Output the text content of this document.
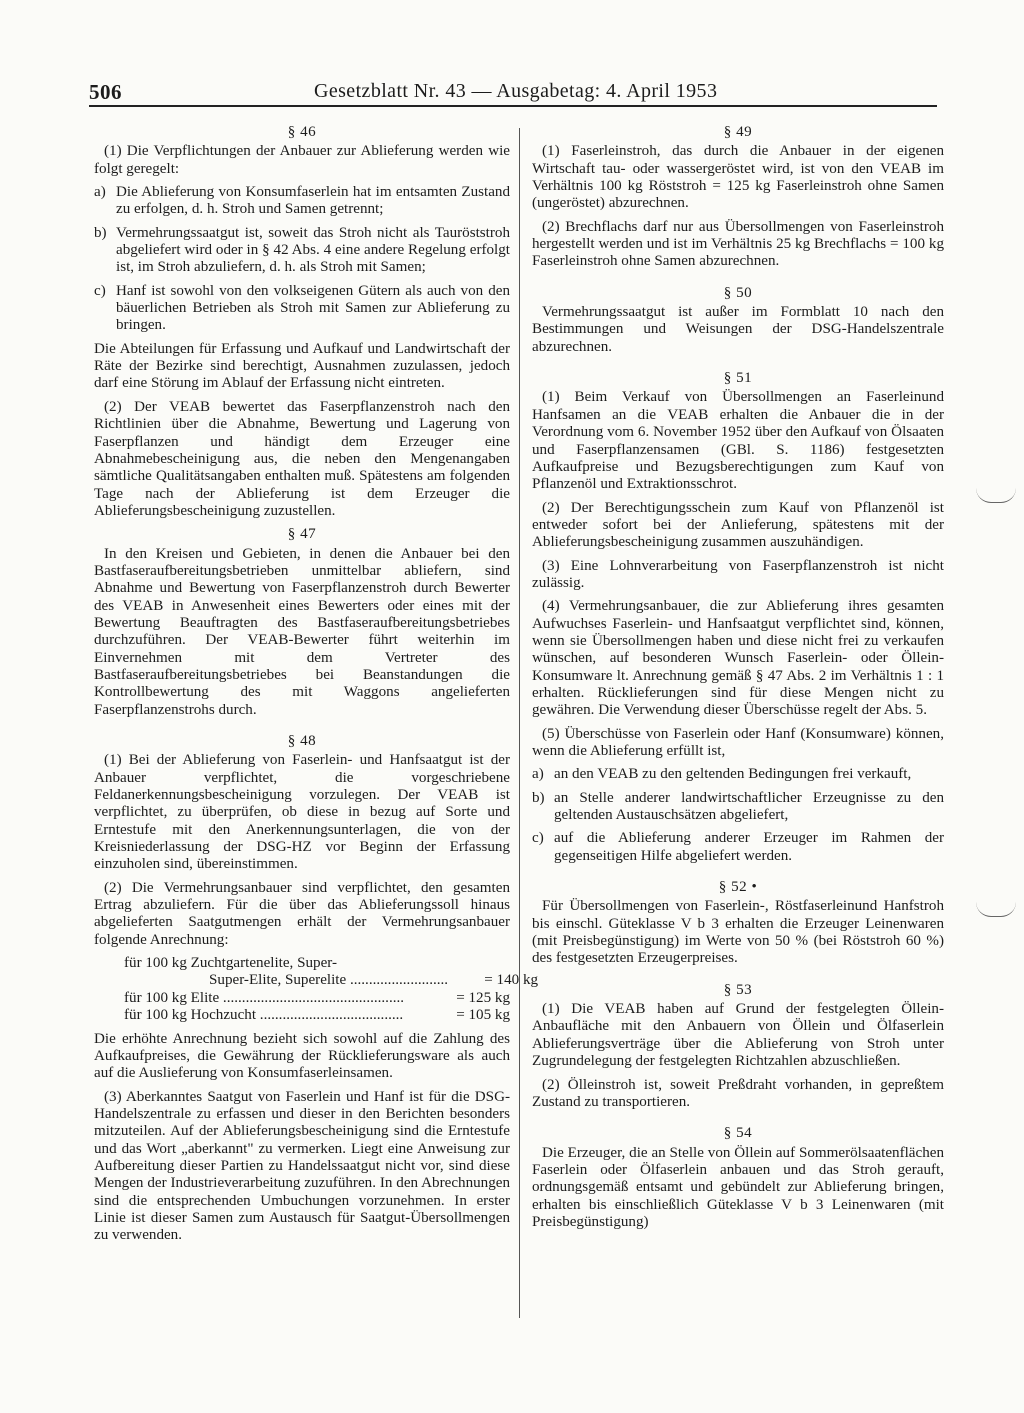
506	Gesetzblatt Nr. 43 — Ausgabetag: 4. April 1953
§ 46

(1) Die Verpflichtungen der Anbauer zur Ablieferung werden wie folgt geregelt:

a) Die Ablieferung von Konsumfaserlein hat im entsamten Zustand zu erfolgen, d. h. Stroh und Samen getrennt;
b) Vermehrungssaatgut ist, soweit das Stroh nicht als Tauröststroh abgeliefert wird oder in § 42 Abs. 4 eine andere Regelung erfolgt ist, im Stroh abzuliefern, d. h. als Stroh mit Samen;
c) Hanf ist sowohl von den volkseigenen Gütern als auch von den bäuerlichen Betrieben als Stroh mit Samen zur Ablieferung zu bringen.

Die Abteilungen für Erfassung und Aufkauf und Landwirtschaft der Räte der Bezirke sind berechtigt, Ausnahmen zuzulassen, jedoch darf eine Störung im Ablauf der Erfassung nicht eintreten.

(2) Der VEAB bewertet das Faserpflanzenstroh nach den Richtlinien über die Abnahme, Bewertung und Lagerung von Faserpflanzen und händigt dem Erzeuger eine Abnahmebescheinigung aus, die neben den Mengenangaben sämtliche Qualitätsangaben enthalten muß. Spätestens am folgenden Tage nach der Ablieferung ist dem Erzeuger die Ablieferungsbescheinigung zuzustellen.

§ 47

In den Kreisen und Gebieten, in denen die Anbauer bei den Bastfaseraufbereitungsbetrieben unmittelbar abliefern, sind Abnahme und Bewertung von Faserpflanzenstroh durch Bewerter des VEAB in Anwesenheit eines Bewerters oder eines mit der Bewertung Beauftragten des Bastfaseraufbereitungsbetriebes durchzuführen. Der VEAB-Bewerter führt weiterhin im Einvernehmen mit dem Vertreter des Bastfaseraufbereitungsbetriebes bei Beanstandungen die Kontrollbewertung des mit Waggons angelieferten Faserpflanzenstrohs durch.

§ 48

(1) Bei der Ablieferung von Faserlein- und Hanfsaatgut ist der Anbauer verpflichtet, die vorgeschriebene Feldanerkennungsbescheinigung vorzulegen. Der VEAB ist verpflichtet, zu überprüfen, ob diese in bezug auf Sorte und Erntestufe mit den Anerkennungsunterlagen, die von der Kreisniederlassung der DSG-HZ vor Beginn der Erfassung einzuholen sind, übereinstimmen.

(2) Die Vermehrungsanbauer sind verpflichtet, den gesamten Ertrag abzuliefern. Für die über das Ablieferungssoll hinaus abgelieferten Saatgutmengen erhält der Vermehrungsanbauer folgende Anrechnung:

für 100 kg Zuchtgartenelite, Super-
Super-Elite, Superelite ..........................	= 140 kg
für 100 kg Elite ................................................	= 125 kg
für 100 kg Hochzucht ......................................	= 105 kg

Die erhöhte Anrechnung bezieht sich sowohl auf die Zahlung des Aufkaufpreises, die Gewährung der Rücklieferungsware als auch auf die Auslieferung von Konsumfaserleinsamen.

(3) Aberkanntes Saatgut von Faserlein und Hanf ist für die DSG-Handelszentrale zu erfassen und dieser in den Berichten besonders mitzuteilen. Auf der Ablieferungsbescheinigung sind die Erntestufe und das Wort „aberkannt" zu vermerken. Liegt eine Anweisung zur Aufbereitung dieser Partien zu Handelssaatgut nicht vor, sind diese Mengen der Industrieverarbeitung zuzuführen. In den Abrechnungen sind die entsprechenden Umbuchungen vorzunehmen. In erster Linie ist dieser Samen zum Austausch für Saatgut-Übersollmengen zu verwenden.

§ 49

(1) Faserleinstroh, das durch die Anbauer in der eigenen Wirtschaft tau- oder wassergeröstet wird, ist von den VEAB im Verhältnis 100 kg Röststroh = 125 kg Faserleinstroh ohne Samen (ungeröstet) abzurechnen.

(2) Brechflachs darf nur aus Übersollmengen von Faserleinstroh hergestellt werden und ist im Verhältnis 25 kg Brechflachs = 100 kg Faserleinstroh ohne Samen abzurechnen.

§ 50

Vermehrungssaatgut ist außer im Formblatt 10 nach den Bestimmungen und Weisungen der DSG-Handelszentrale abzurechnen.

§ 51

(1) Beim Verkauf von Übersollmengen an Faserleinund Hanfsamen an die VEAB erhalten die Anbauer die in der Verordnung vom 6. November 1952 über den Aufkauf von Ölsaaten und Faserpflanzensamen (GBl. S. 1186) festgesetzten Aufkaufpreise und Bezugsberechtigungen zum Kauf von Pflanzenöl und Extraktionsschrot.

(2) Der Berechtigungsschein zum Kauf von Pflanzenöl ist entweder sofort bei der Anlieferung, spätestens mit der Ablieferungsbescheinigung zusammen auszuhändigen.

(3) Eine Lohnverarbeitung von Faserpflanzenstroh ist nicht zulässig.

(4) Vermehrungsanbauer, die zur Ablieferung ihres gesamten Aufwuchses Faserlein- und Hanfsaatgut verpflichtet sind, können, wenn sie Übersollmengen haben und diese nicht frei zu verkaufen wünschen, auf besonderen Wunsch Faserlein- oder Öllein-Konsumware lt. Anrechnung gemäß § 47 Abs. 2 im Verhältnis 1 : 1 erhalten. Rücklieferungen sind für diese Mengen nicht zu gewähren. Die Verwendung dieser Überschüsse regelt der Abs. 5.

(5) Überschüsse von Faserlein oder Hanf (Konsumware) können, wenn die Ablieferung erfüllt ist,

a) an den VEAB zu den geltenden Bedingungen frei verkauft,
b) an Stelle anderer landwirtschaftlicher Erzeugnisse zu den geltenden Austauschsätzen abgeliefert,
c) auf die Ablieferung anderer Erzeuger im Rahmen der gegenseitigen Hilfe abgeliefert werden.
§ 52 •

Für Übersollmengen von Faserlein-, Röstfaserleinund Hanfstroh bis einschl. Güteklasse V b 3 erhalten die Erzeuger Leinenwaren (mit Preisbegünstigung) im Werte von 50 % (bei Röststroh 60 %) des festgesetzten Erzeugerpreises.

§ 53

(1) Die VEAB haben auf Grund der festgelegten Öllein-Anbaufläche mit den Anbauern von Öllein und Ölfaserlein Ablieferungsverträge über die Ablieferung von Stroh unter Zugrundelegung der festgelegten Richtzahlen abzuschließen.

(2) Ölleinstroh ist, soweit Preßdraht vorhanden, in gepreßtem Zustand zu transportieren.

§ 54

Die Erzeuger, die an Stelle von Öllein auf Sommerölsaatenflächen Faserlein oder Ölfaserlein anbauen und das Stroh gerauft, ordnungsgemäß entsamt und gebündelt zur Ablieferung bringen, erhalten bis einschließlich Güteklasse V b 3 Leinenwaren (mit Preisbegünstigung)
